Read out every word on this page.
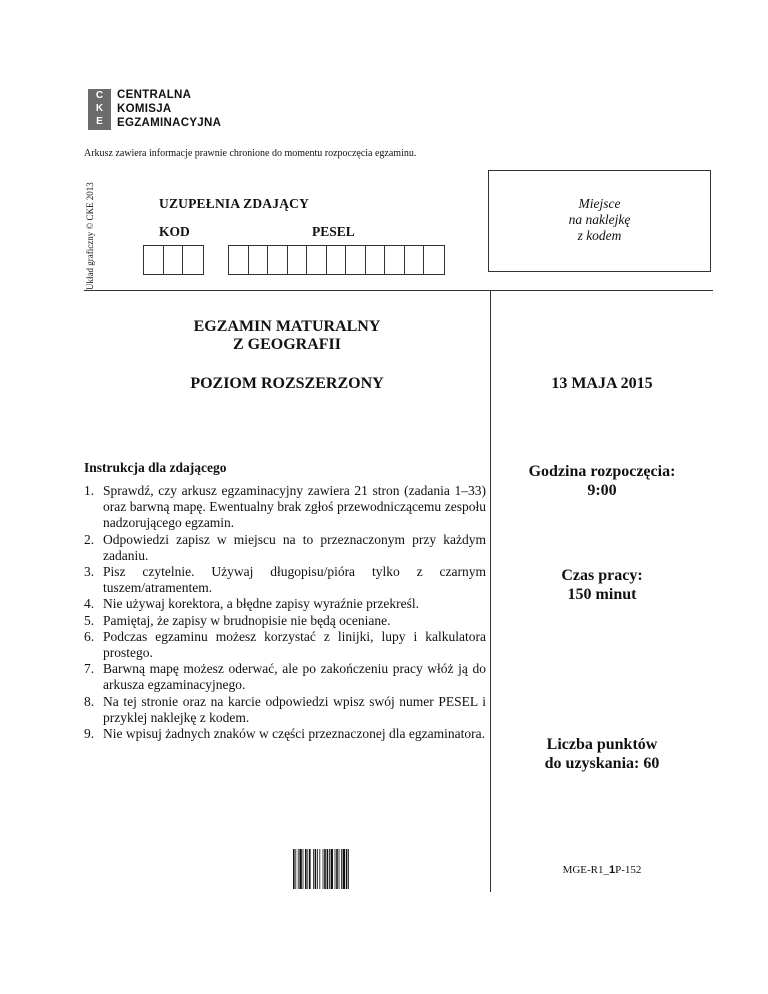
C
K
E
CENTRALNA
KOMISJA
EGZAMINACYJNA
Arkusz zawiera informacje prawnie chronione do momentu rozpoczęcia egzaminu.
Układ graficzny © CKE 2013	UZUPEŁNIA ZDAJĄCY
KOD	PESEL
Miejsce
na naklejkę
z kodem
EGZAMIN MATURALNY
Z GEOGRAFII
POZIOM ROZSZERZONY	13 MAJA 2015
Instrukcja dla zdającego
1. Sprawdź, czy arkusz egzaminacyjny zawiera 21 stron (zadania 1–33) oraz barwną mapę. Ewentualny brak zgłoś przewodniczącemu zespołu nadzorującego egzamin.
2. Odpowiedzi zapisz w miejscu na to przeznaczonym przy każdym zadaniu.
3. Pisz czytelnie. Używaj długopisu/pióra tylko z czarnym tuszem/atramentem.
4. Nie używaj korektora, a błędne zapisy wyraźnie przekreśl.
5. Pamiętaj, że zapisy w brudnopisie nie będą oceniane.
6. Podczas egzaminu możesz korzystać z linijki, lupy i kalkulatora prostego.
7. Barwną mapę możesz oderwać, ale po zakończeniu pracy włóż ją do arkusza egzaminacyjnego.
8. Na tej stronie oraz na karcie odpowiedzi wpisz swój numer PESEL i przyklej naklejkę z kodem.
9. Nie wpisuj żadnych znaków w części przeznaczonej dla egzaminatora.
Godzina rozpoczęcia:
9:00
Czas pracy:
150 minut
Liczba punktów
do uzyskania: 60
MGE-R1_1P-152
